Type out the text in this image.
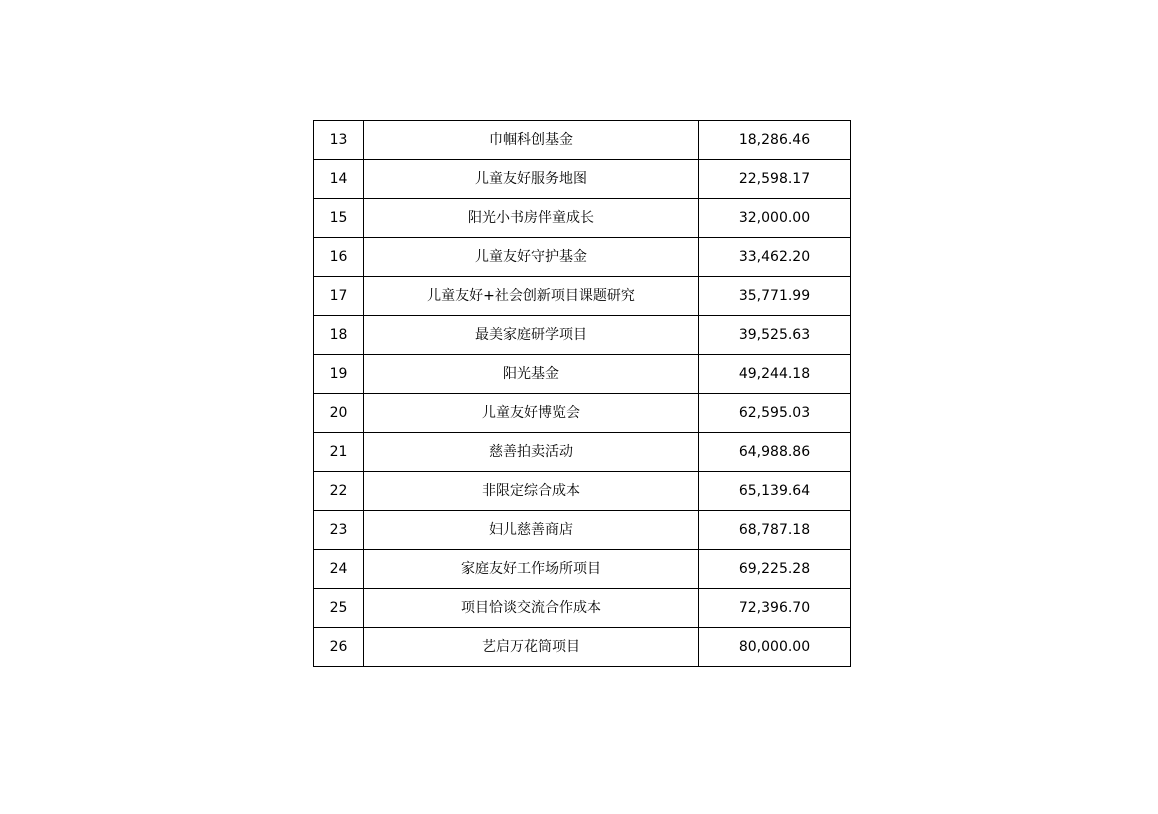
13	巾帼科创基金	18,286.46
14	儿童友好服务地图	22,598.17
15	阳光小书房伴童成长	32,000.00
16	儿童友好守护基金	33,462.20
17	儿童友好+社会创新项目课题研究	35,771.99
18	最美家庭研学项目	39,525.63
19	阳光基金	49,244.18
20	儿童友好博览会	62,595.03
21	慈善拍卖活动	64,988.86
22	非限定综合成本	65,139.64
23	妇儿慈善商店	68,787.18
24	家庭友好工作场所项目	69,225.28
25	项目恰谈交流合作成本	72,396.70
26	艺启万花筒项目	80,000.00
